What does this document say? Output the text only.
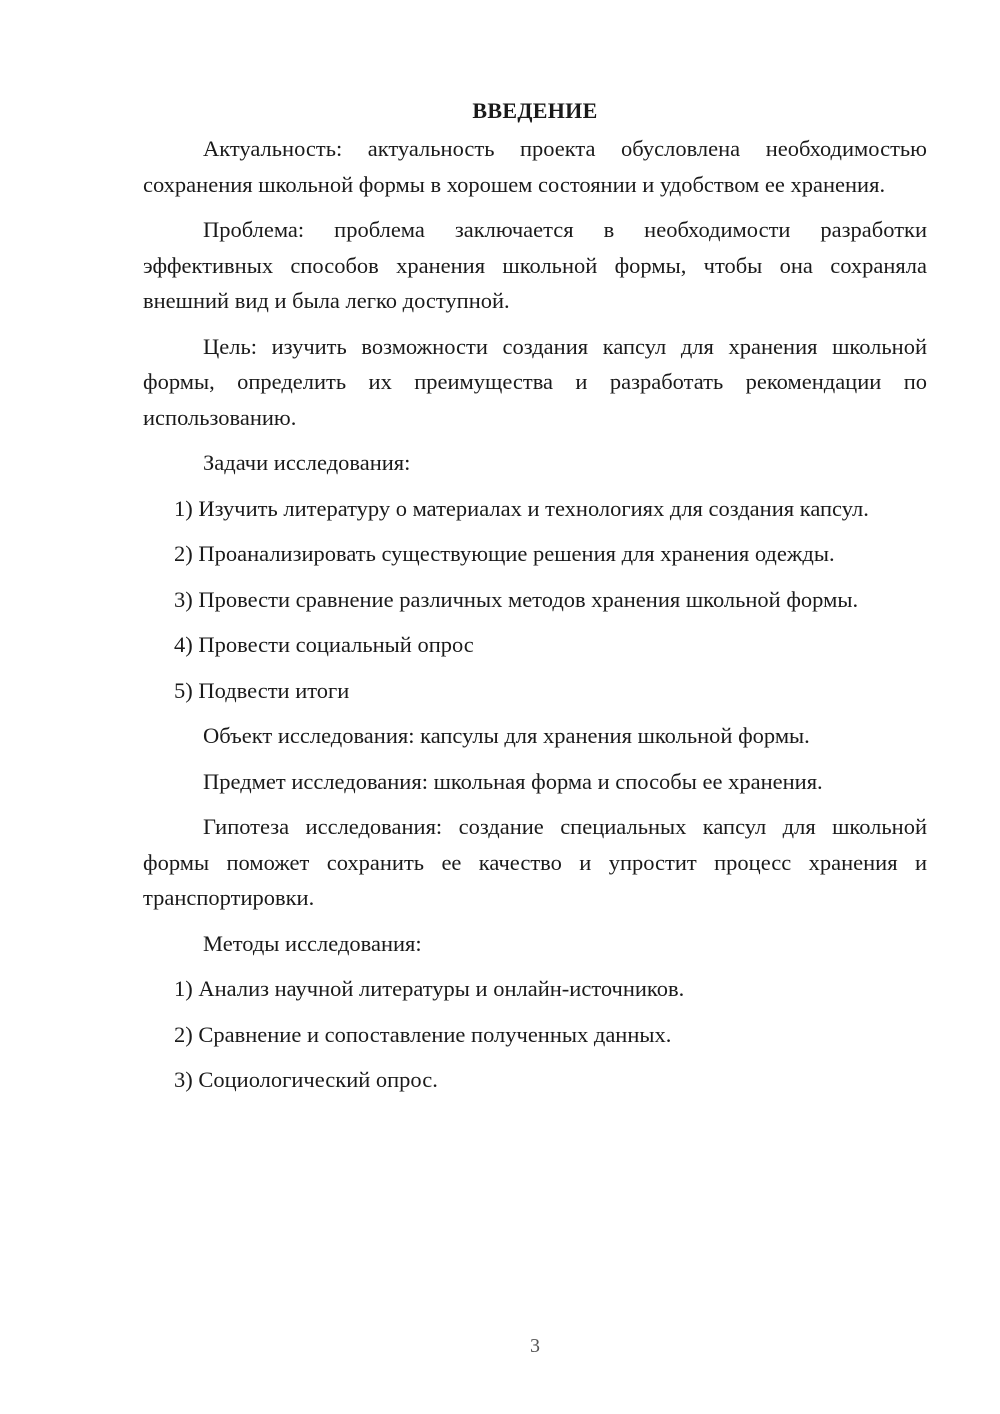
ВВЕДЕНИЕ

Актуальность: актуальность проекта обусловлена необходимостью сохранения школьной формы в хорошем состоянии и удобством ее хранения.

Проблема: проблема заключается в необходимости разработки эффективных способов хранения школьной формы, чтобы она сохраняла внешний вид и была легко доступной.

Цель: изучить возможности создания капсул для хранения школьной формы, определить их преимущества и разработать рекомендации по использованию.

Задачи исследования:

1) Изучить литературу о материалах и технологиях для создания капсул.

2) Проанализировать существующие решения для хранения одежды.

3) Провести сравнение различных методов хранения школьной формы.

4) Провести социальный опрос

5) Подвести итоги

Объект исследования: капсулы для хранения школьной формы.

Предмет исследования: школьная форма и способы ее хранения.

Гипотеза исследования: создание специальных капсул для школьной формы поможет сохранить ее качество и упростит процесс хранения и транспортировки.

Методы исследования:

1) Анализ научной литературы и онлайн-источников.

2) Сравнение и сопоставление полученных данных.

3) Социологический опрос.

3
